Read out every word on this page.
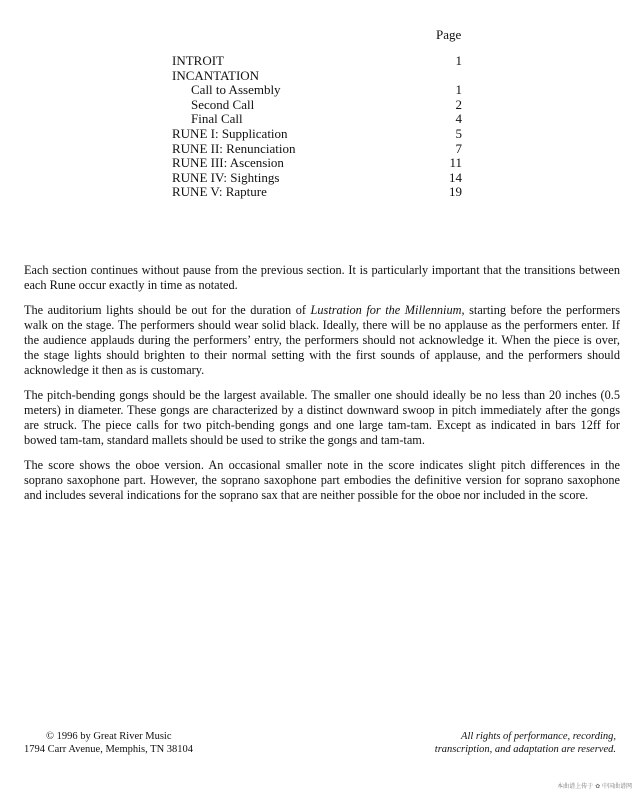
Page
INTROIT	1
INCANTATION
Call to Assembly	1
Second Call	2
Final Call	4
RUNE I: Supplication	5
RUNE II: Renunciation	7
RUNE III: Ascension	11
RUNE IV: Sightings	14
RUNE V: Rapture	19

Each section continues without pause from the previous section. It is particularly important that the transitions between each Rune occur exactly in time as notated.

The auditorium lights should be out for the duration of Lustration for the Millennium, starting before the performers walk on the stage. The performers should wear solid black. Ideally, there will be no applause as the performers enter. If the audience applauds during the performers’ entry, the performers should not acknowledge it. When the piece is over, the stage lights should brighten to their normal setting with the first sounds of applause, and the performers should acknowledge it then as is customary.

The pitch-bending gongs should be the largest available. The smaller one should ideally be no less than 20 inches (0.5 meters) in diameter. These gongs are characterized by a distinct downward swoop in pitch immediately after the gongs are struck. The piece calls for two pitch-bending gongs and one large tam-tam. Except as indicated in bars 12ff for bowed tam-tam, standard mallets should be used to strike the gongs and tam-tam.

The score shows the oboe version. An occasional smaller note in the score indicates slight pitch differences in the soprano saxophone part. However, the soprano saxophone part embodies the definitive version for soprano saxophone and includes several indications for the soprano sax that are neither possible for the oboe nor included in the score.

© 1996 by Great River Music
1794 Carr Avenue, Memphis, TN 38104
All rights of performance, recording,
transcription, and adaptation are reserved.
本曲谱上传于 ✿ 中国曲谱网
